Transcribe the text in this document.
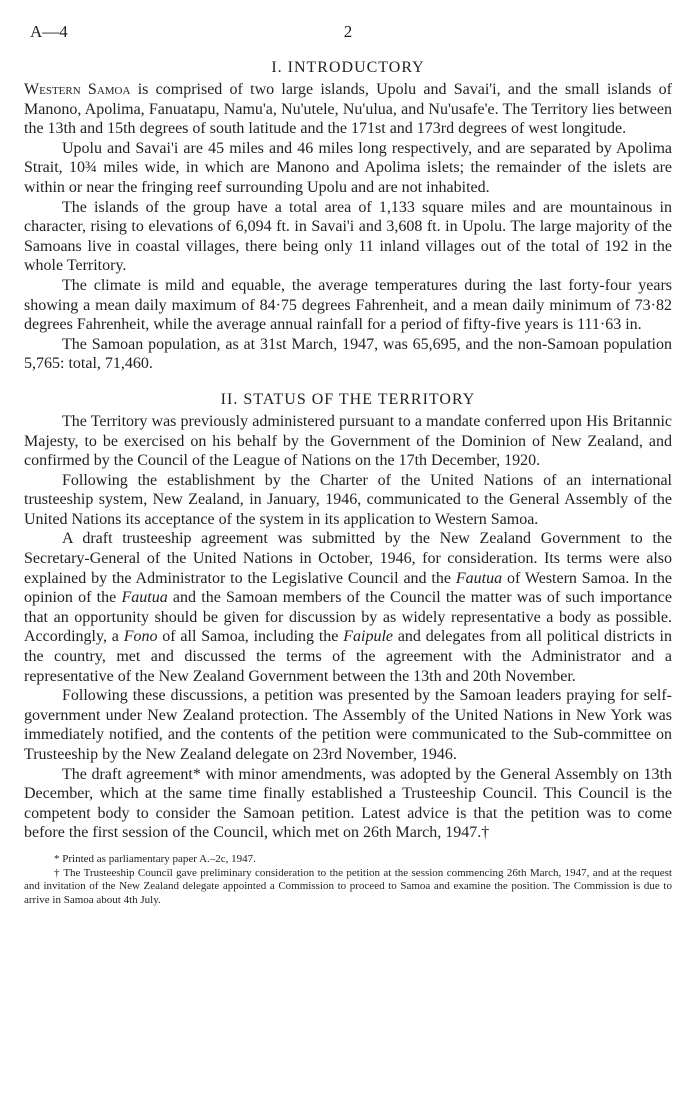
A—4	2
I. INTRODUCTORY

Western Samoa is comprised of two large islands, Upolu and Savai'i, and the small islands of Manono, Apolima, Fanuatapu, Namu'a, Nu'utele, Nu'ulua, and Nu'usafe'e. The Territory lies between the 13th and 15th degrees of south latitude and the 171st and 173rd degrees of west longitude.

Upolu and Savai'i are 45 miles and 46 miles long respectively, and are separated by Apolima Strait, 10¾ miles wide, in which are Manono and Apolima islets; the remainder of the islets are within or near the fringing reef surrounding Upolu and are not inhabited.

The islands of the group have a total area of 1,133 square miles and are mountainous in character, rising to elevations of 6,094 ft. in Savai'i and 3,608 ft. in Upolu. The large majority of the Samoans live in coastal villages, there being only 11 inland villages out of the total of 192 in the whole Territory.

The climate is mild and equable, the average temperatures during the last forty-four years showing a mean daily maximum of 84·75 degrees Fahrenheit, and a mean daily minimum of 73·82 degrees Fahrenheit, while the average annual rainfall for a period of fifty-five years is 111·63 in.

The Samoan population, as at 31st March, 1947, was 65,695, and the non-Samoan population 5,765: total, 71,460.

II. STATUS OF THE TERRITORY

The Territory was previously administered pursuant to a mandate conferred upon His Britannic Majesty, to be exercised on his behalf by the Government of the Dominion of New Zealand, and confirmed by the Council of the League of Nations on the 17th December, 1920.

Following the establishment by the Charter of the United Nations of an international trusteeship system, New Zealand, in January, 1946, communicated to the General Assembly of the United Nations its acceptance of the system in its application to Western Samoa.

A draft trusteeship agreement was submitted by the New Zealand Government to the Secretary-General of the United Nations in October, 1946, for consideration. Its terms were also explained by the Administrator to the Legislative Council and the Fautua of Western Samoa. In the opinion of the Fautua and the Samoan members of the Council the matter was of such importance that an opportunity should be given for discussion by as widely representative a body as possible. Accordingly, a Fono of all Samoa, including the Faipule and delegates from all political districts in the country, met and discussed the terms of the agreement with the Administrator and a representative of the New Zealand Government between the 13th and 20th November.

Following these discussions, a petition was presented by the Samoan leaders praying for self-government under New Zealand protection. The Assembly of the United Nations in New York was immediately notified, and the contents of the petition were communicated to the Sub-committee on Trusteeship by the New Zealand delegate on 23rd November, 1946.

The draft agreement* with minor amendments, was adopted by the General Assembly on 13th December, which at the same time finally established a Trusteeship Council. This Council is the competent body to consider the Samoan petition. Latest advice is that the petition was to come before the first session of the Council, which met on 26th March, 1947.†

* Printed as parliamentary paper A.–2c, 1947.

† The Trusteeship Council gave preliminary consideration to the petition at the session commencing 26th March, 1947, and at the request and invitation of the New Zealand delegate appointed a Commission to proceed to Samoa and examine the position. The Commission is due to arrive in Samoa about 4th July.
